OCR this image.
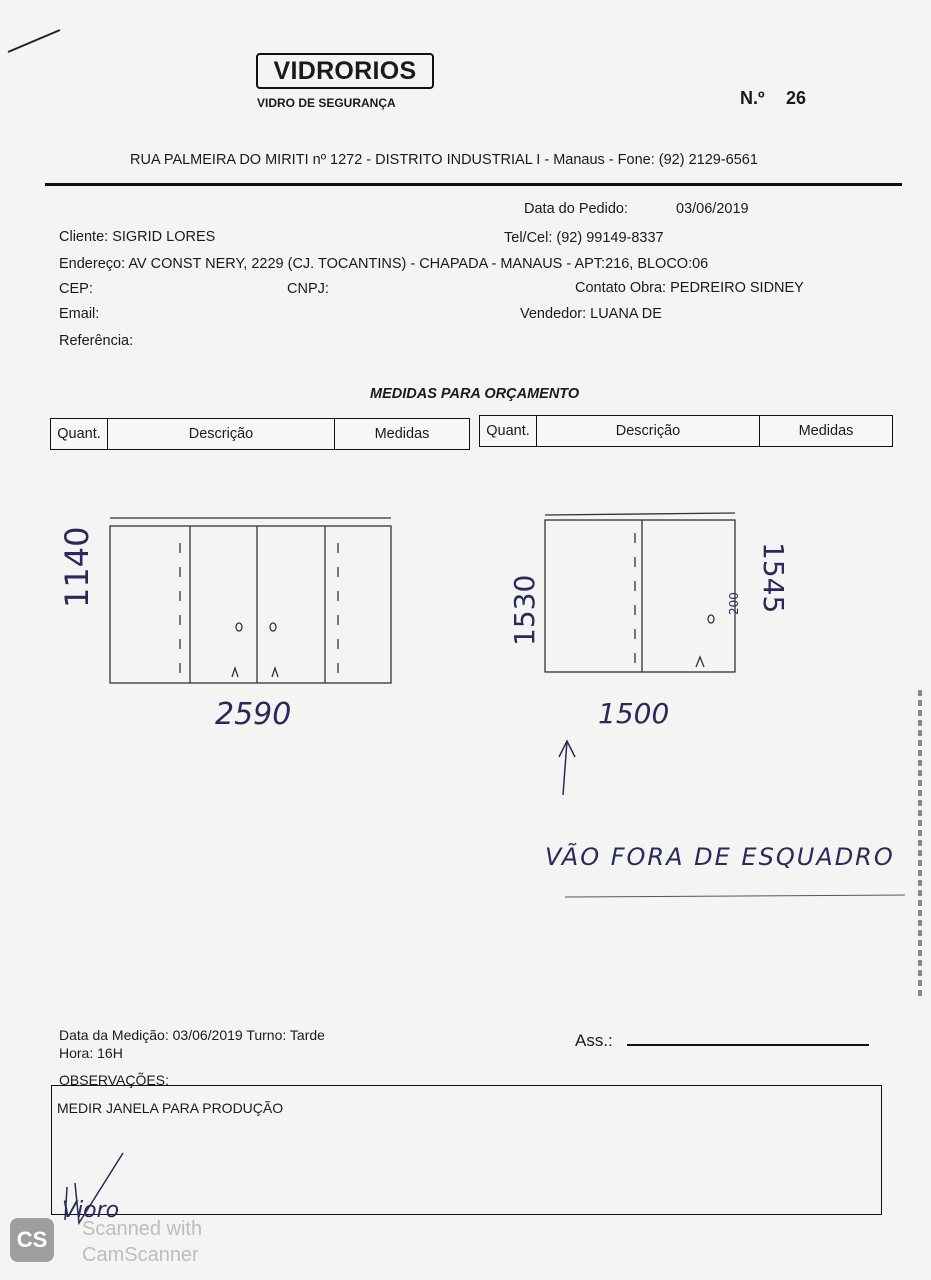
VIDRORIOS
VIDRO DE SEGURANÇA	N.º 26
RUA PALMEIRA DO MIRITI nº 1272 - DISTRITO INDUSTRIAL I - Manaus - Fone: (92) 2129-6561
Data do Pedido:	03/06/2019
Cliente: SIGRID LORES	Tel/Cel: (92) 99149-8337
Endereço: AV CONST NERY, 2229 (CJ. TOCANTINS) - CHAPADA - MANAUS - APT:216, BLOCO:06
CEP:	CNPJ:	Contato Obra: PEDREIRO SIDNEY
Email:	Vendedor: LUANA DE
Referência:
MEDIDAS PARA ORÇAMENTO
Quant.	Descrição	Medidas	Quant.	Descrição	Medidas
1140
2590
1530	1545
200
1500
VÃO FORA DE ESQUADRO
Data da Medição: 03/06/2019 Turno: Tarde
Hora: 16H
Ass.:
OBSERVAÇÕES:
MEDIR JANELA PARA PRODUÇÃO
Vioro
CS	Scanned with
CamScanner
